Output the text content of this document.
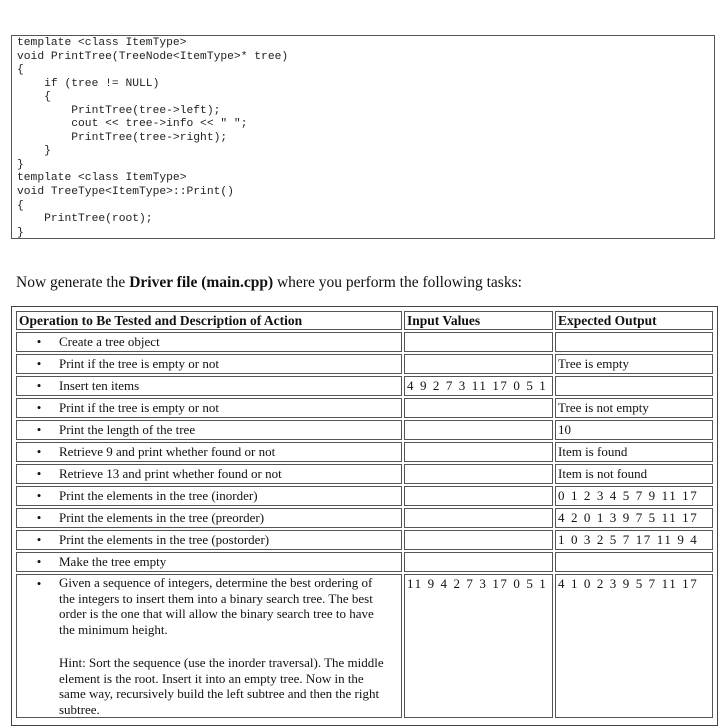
template <class ItemType>
void PrintTree(TreeNode<ItemType>* tree)
{
if (tree != NULL)
{
PrintTree(tree->left);
cout << tree->info << " ";
PrintTree(tree->right);
}
}
template <class ItemType>
void TreeType<ItemType>::Print()
{
PrintTree(root);
}
Now generate the Driver file (main.cpp) where you perform the following tasks:
Operation to Be Tested and Description of Action	Input Values	Expected Output
• Create a tree object		
• Print if the tree is empty or not		Tree is empty
• Insert ten items	4 9 2 7 3 11 17 0 5 1	
• Print if the tree is empty or not		Tree is not empty
• Print the length of the tree		10
• Retrieve 9 and print whether found or not		Item is found
• Retrieve 13 and print whether found or not		Item is not found
• Print the elements in the tree (inorder)		0 1 2 3 4 5 7 9 11 17
• Print the elements in the tree (preorder)		4 2 0 1 3 9 7 5 11 17
• Print the elements in the tree (postorder)		1 0 3 2 5 7 17 11 9 4
• Make the tree empty		
• Given a sequence of integers, determine the best ordering of the integers to insert them into a binary search tree. The best order is the one that will allow the binary search tree to have the minimum height.
Hint: Sort the sequence (use the inorder traversal). The middle element is the root. Insert it into an empty tree. Now in the same way, recursively build the left subtree and then the right subtree.	11 9 4 2 7 3 17 0 5 1	4 1 0 2 3 9 5 7 11 17
